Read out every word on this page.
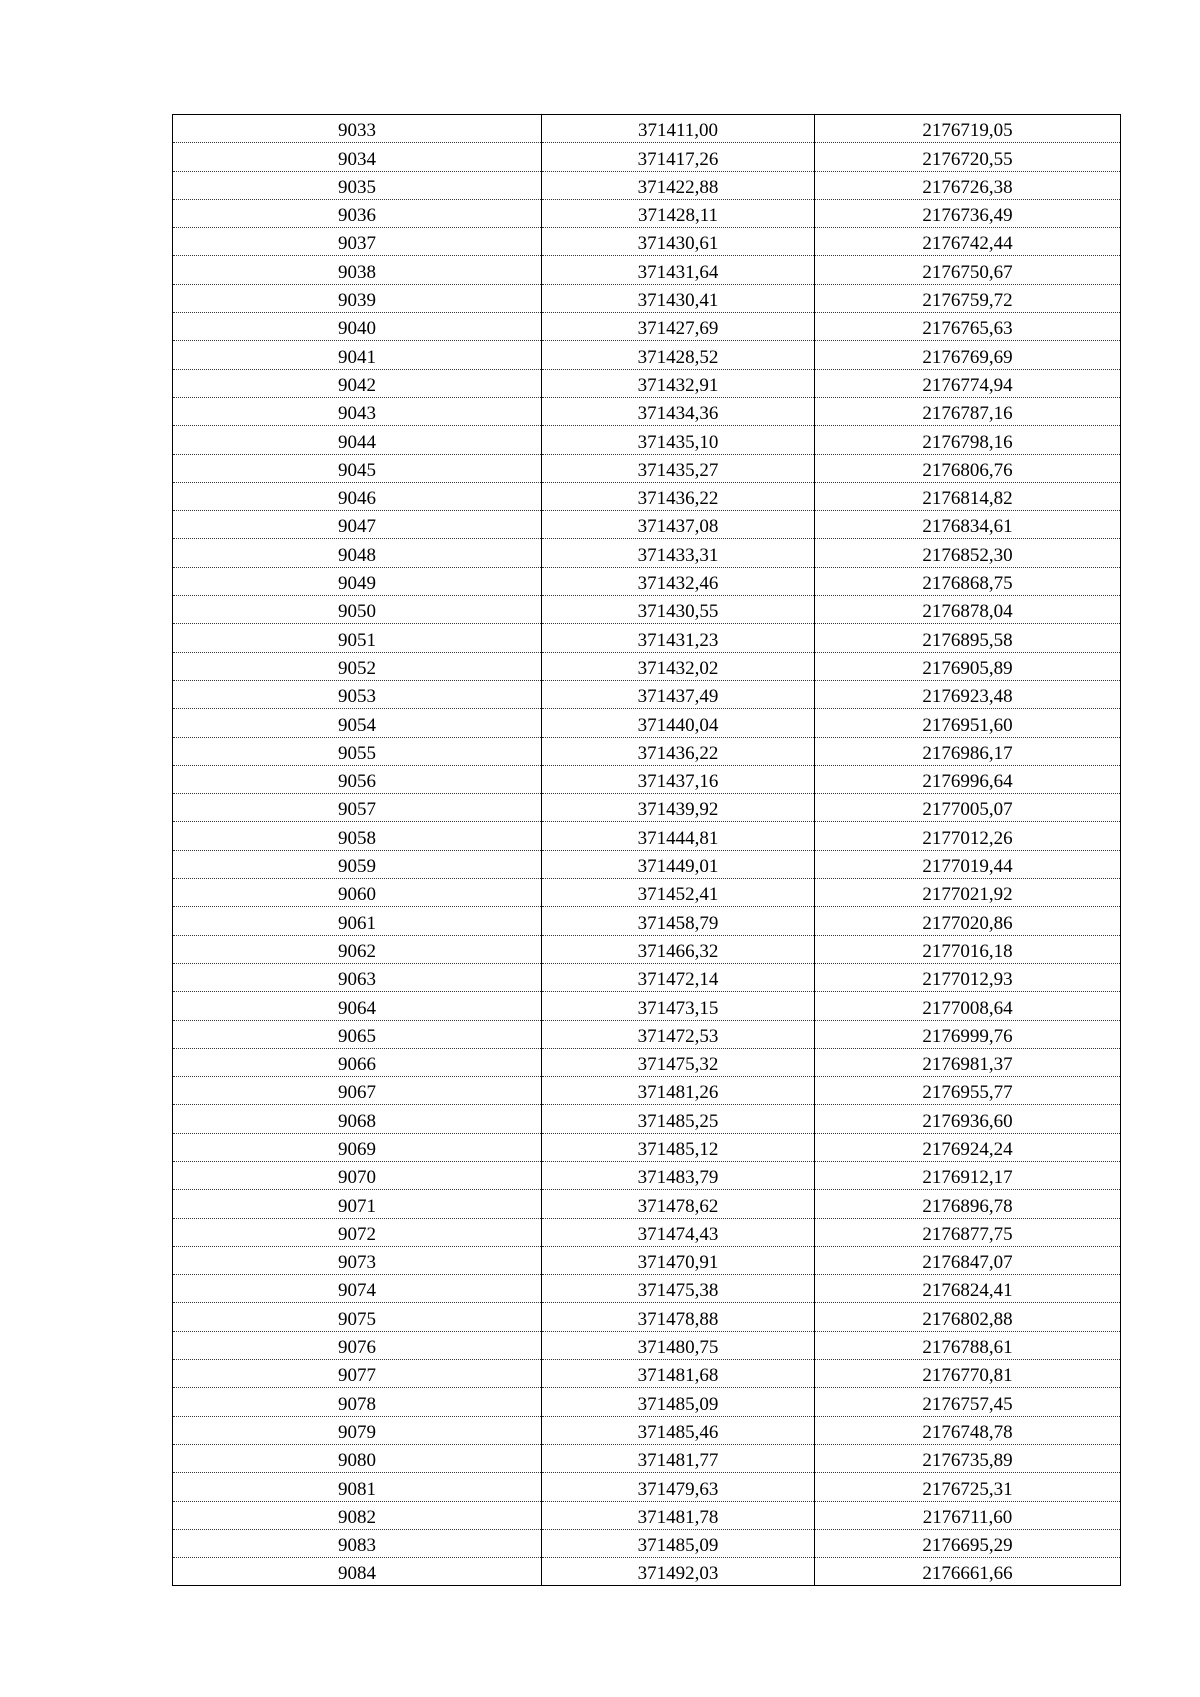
9033	371411,00	2176719,05
9034	371417,26	2176720,55
9035	371422,88	2176726,38
9036	371428,11	2176736,49
9037	371430,61	2176742,44
9038	371431,64	2176750,67
9039	371430,41	2176759,72
9040	371427,69	2176765,63
9041	371428,52	2176769,69
9042	371432,91	2176774,94
9043	371434,36	2176787,16
9044	371435,10	2176798,16
9045	371435,27	2176806,76
9046	371436,22	2176814,82
9047	371437,08	2176834,61
9048	371433,31	2176852,30
9049	371432,46	2176868,75
9050	371430,55	2176878,04
9051	371431,23	2176895,58
9052	371432,02	2176905,89
9053	371437,49	2176923,48
9054	371440,04	2176951,60
9055	371436,22	2176986,17
9056	371437,16	2176996,64
9057	371439,92	2177005,07
9058	371444,81	2177012,26
9059	371449,01	2177019,44
9060	371452,41	2177021,92
9061	371458,79	2177020,86
9062	371466,32	2177016,18
9063	371472,14	2177012,93
9064	371473,15	2177008,64
9065	371472,53	2176999,76
9066	371475,32	2176981,37
9067	371481,26	2176955,77
9068	371485,25	2176936,60
9069	371485,12	2176924,24
9070	371483,79	2176912,17
9071	371478,62	2176896,78
9072	371474,43	2176877,75
9073	371470,91	2176847,07
9074	371475,38	2176824,41
9075	371478,88	2176802,88
9076	371480,75	2176788,61
9077	371481,68	2176770,81
9078	371485,09	2176757,45
9079	371485,46	2176748,78
9080	371481,77	2176735,89
9081	371479,63	2176725,31
9082	371481,78	2176711,60
9083	371485,09	2176695,29
9084	371492,03	2176661,66
